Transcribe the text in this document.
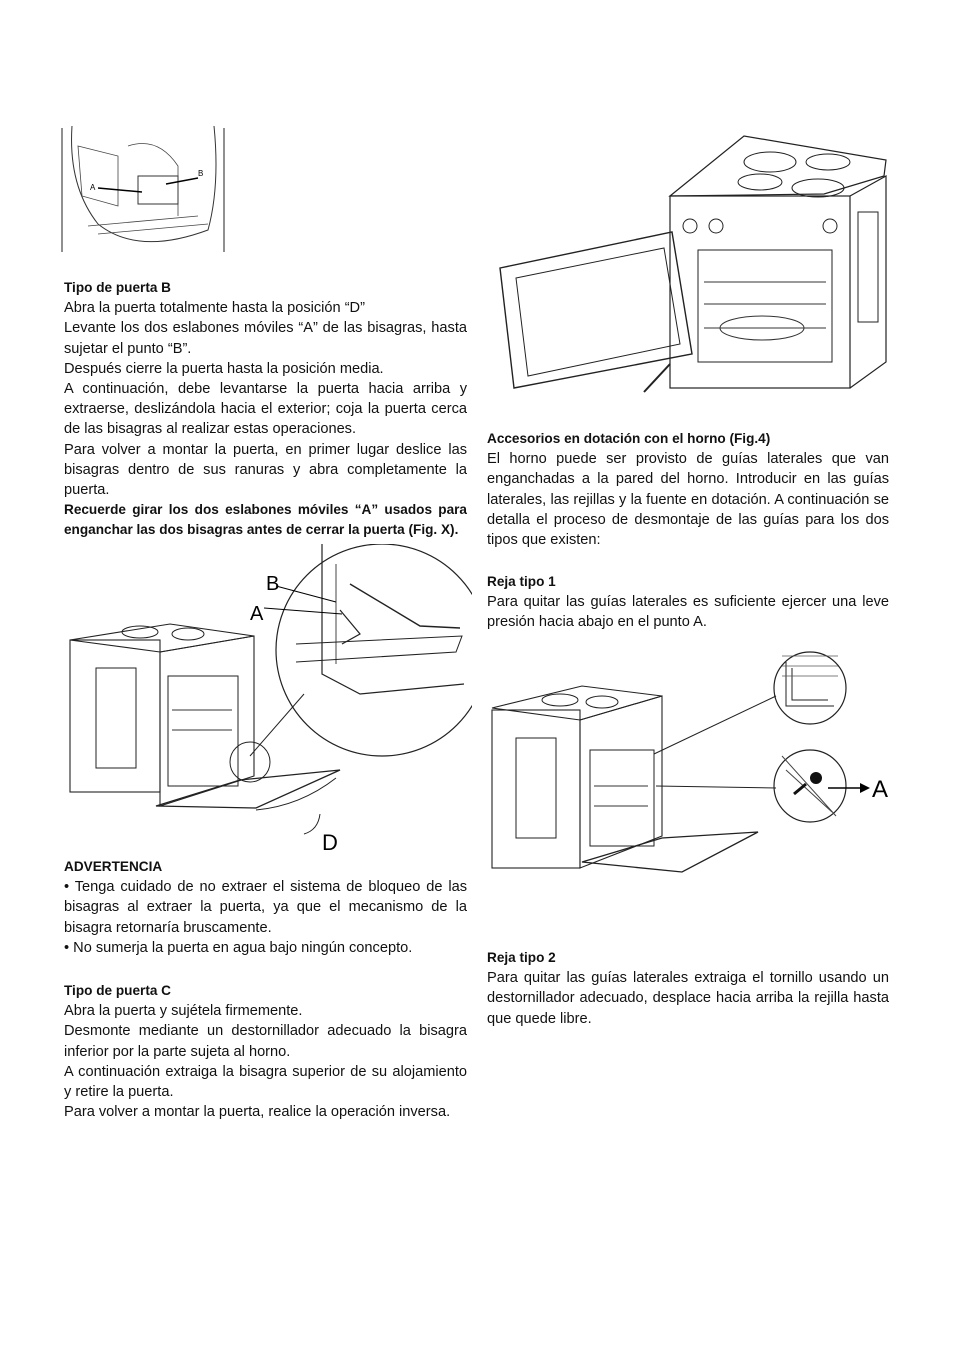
A
B

Tipo de puerta B

Abra la puerta totalmente hasta la posición “D”

Levante los dos eslabones móviles “A” de las bisagras, hasta sujetar el punto “B”.

Después cierre la puerta hasta la posición media.

A continuación, debe levantarse la puerta hacia arriba y extraerse, deslizándola hacia el exterior; coja la puerta cerca de las bisagras al realizar estas operaciones.

Para volver a montar la puerta, en primer lugar deslice las bisagras dentro de sus ranuras y abra completamente la puerta.

Recuerde girar los dos eslabones móviles “A” usados para enganchar las dos bisagras antes de cerrar la puerta (Fig. X).

B
A
D

ADVERTENCIA

• Tenga cuidado de no extraer el sistema de bloqueo de las bisagras al extraer la puerta, ya que el mecanismo de la bisagra retornaría bruscamente.

• No sumerja la puerta en agua bajo ningún concepto.

Tipo de puerta C

Abra la puerta y sujétela firmemente.

Desmonte mediante un destornillador adecuado la bisagra inferior por la parte sujeta al horno.

A continuación extraiga la bisagra superior de su alojamiento y retire la puerta.

Para volver a montar la puerta, realice la operación inversa.

Accesorios en dotación con el horno (Fig.4)

El horno puede ser provisto de guías laterales que van enganchadas a la pared del horno. Introducir en las guías laterales, las rejillas y la fuente en dotación. A continuación se detalla el proceso de desmontaje de las guías para los dos tipos que existen:

Reja tipo 1

Para quitar las guías laterales es suficiente ejercer una leve presión hacia abajo en el punto A.

A

Reja tipo 2

Para quitar las guías laterales extraiga el tornillo usando un destornillador adecuado, desplace hacia arriba la rejilla hasta que quede libre.
